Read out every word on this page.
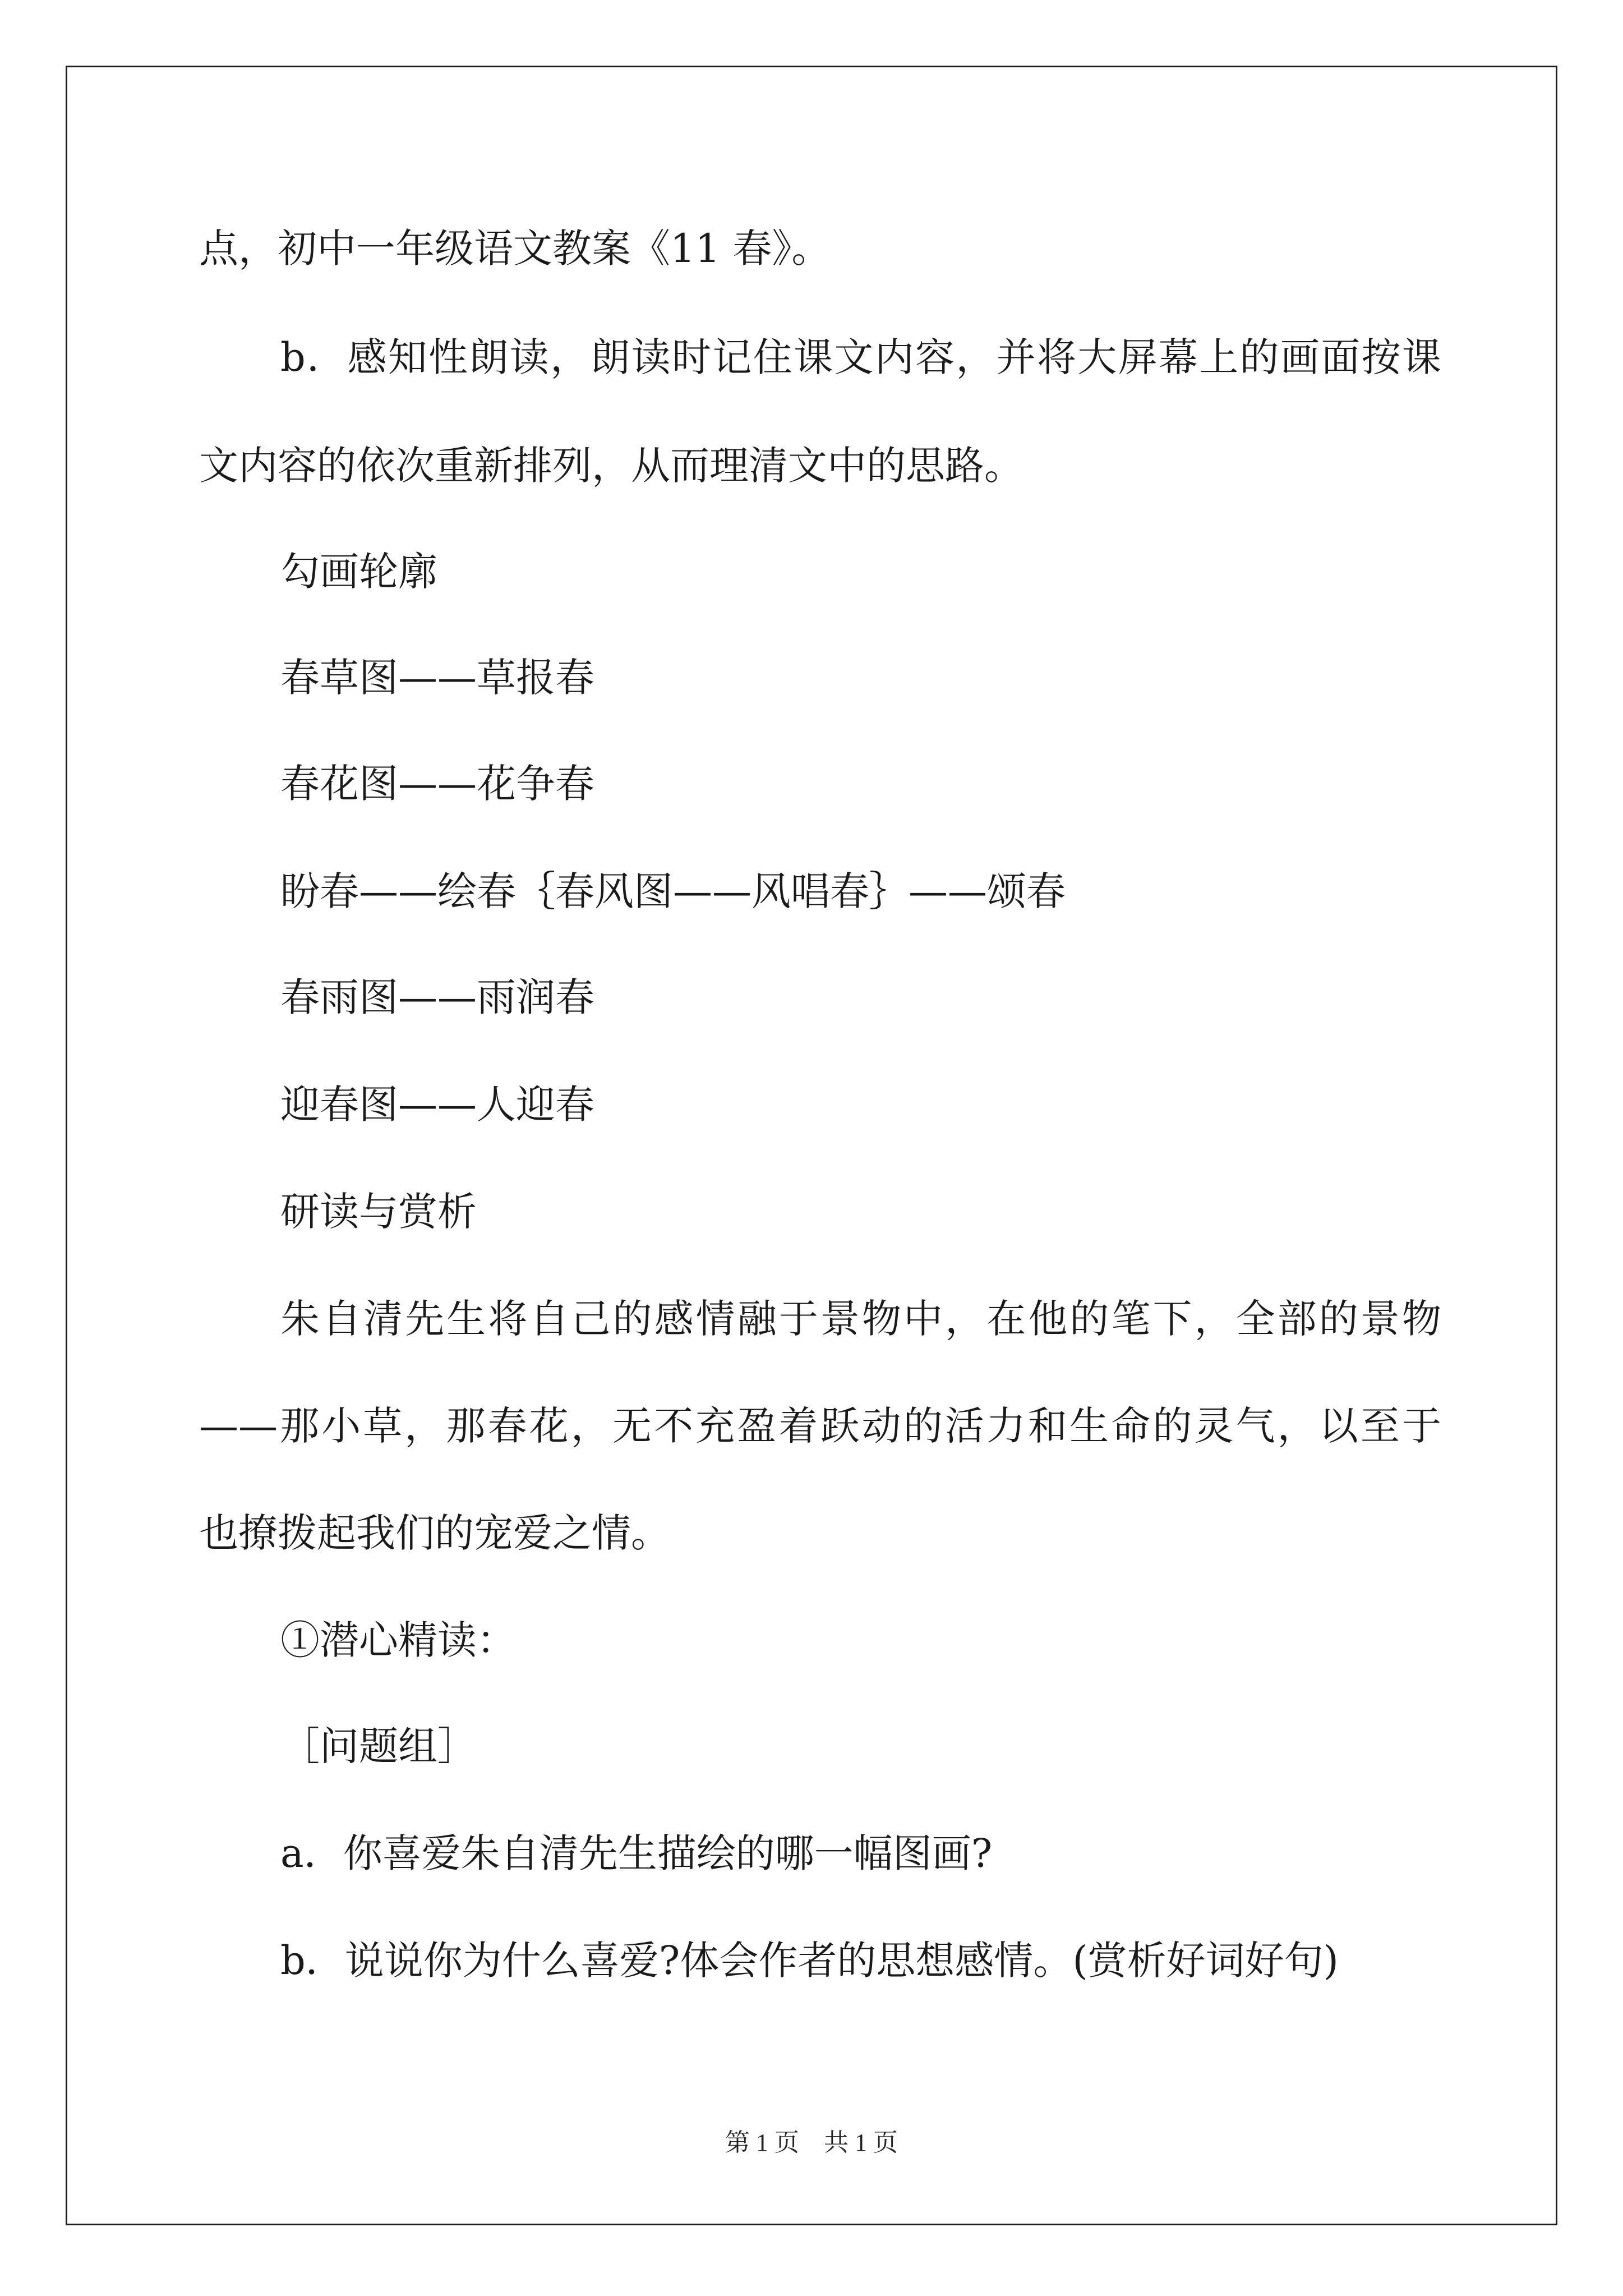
点，初中一年级语文教案《11 春》。
b．感知性朗读，朗读时记住课文内容，并将大屏幕上的画面按课
文内容的依次重新排列，从而理清文中的思路。
勾画轮廓
春草图——草报春
春花图——花争春
盼春——绘春｛春风图——风唱春｝——颂春
春雨图——雨润春
迎春图——人迎春
研读与赏析
朱自清先生将自己的感情融于景物中，在他的笔下，全部的景物
——那小草，那春花，无不充盈着跃动的活力和生命的灵气，以至于
也撩拨起我们的宠爱之情。
①潜心精读：
［问题组］
a．你喜爱朱自清先生描绘的哪一幅图画?
b．说说你为什么喜爱?体会作者的思想感情。(赏析好词好句)
第 1 页　共 1 页
